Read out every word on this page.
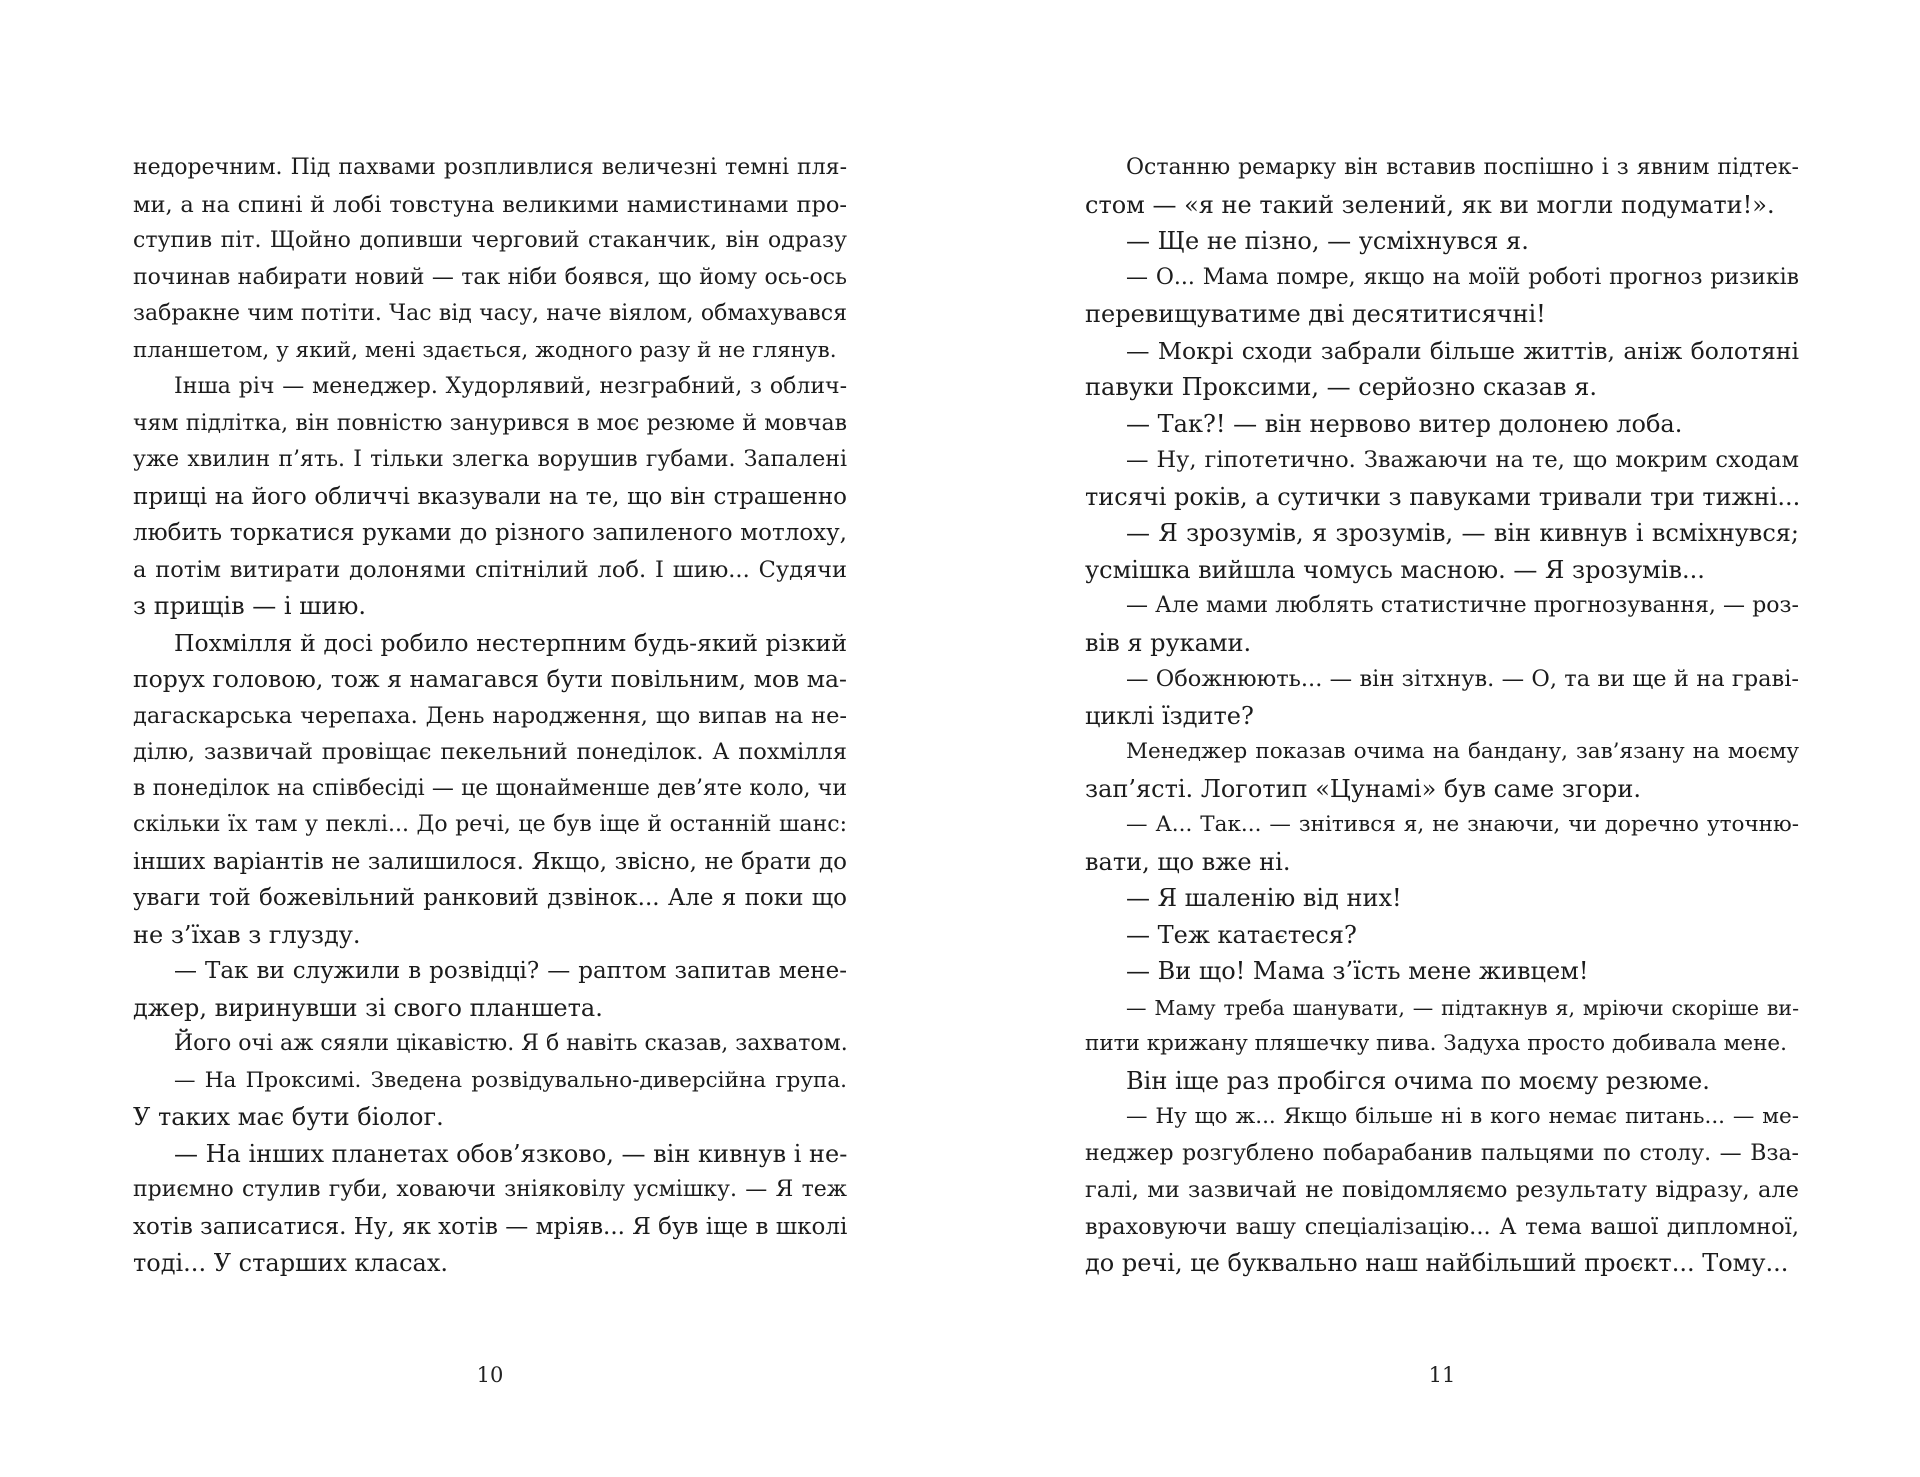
недоречним. Під пахвами розпливлися величезні темні пля-
ми, а на спині й лобі товстуна великими намистинами про-
ступив піт. Щойно допивши черговий стаканчик, він одразу
починав набирати новий — так ніби боявся, що йому ось-ось
забракне чим потіти. Час від часу, наче віялом, обмахувався
планшетом, у який, мені здається, жодного разу й не глянув.
Інша річ — менеджер. Худорлявий, незграбний, з облич-
чям підлітка, він повністю занурився в моє резюме й мовчав
уже хвилин п’ять. І тільки злегка ворушив губами. Запалені
прищі на його обличчі вказували на те, що він страшенно
любить торкатися руками до різного запиленого мотлоху,
а потім витирати долонями спітнілий лоб. І шию... Судячи
з прищів — і шию.
Похмілля й досі робило нестерпним будь-який різкий
порух головою, тож я намагався бути повільним, мов ма-
дагаскарська черепаха. День народження, що випав на не-
ділю, зазвичай провіщає пекельний понеділок. А похмілля
в понеділок на співбесіді — це щонайменше дев’яте коло, чи
скільки їх там у пеклі... До речі, це був іще й останній шанс:
інших варіантів не залишилося. Якщо, звісно, не брати до
уваги той божевільний ранковий дзвінок... Але я поки що
не з’їхав з глузду.
— Так ви служили в розвідці? — раптом запитав мене-
джер, виринувши зі свого планшета.
Його очі аж сяяли цікавістю. Я б навіть сказав, захватом.
— На Проксимі. Зведена розвідувально-диверсійна група.
У таких має бути біолог.
— На інших планетах обов’язково, — він кивнув і не-
приємно стулив губи, ховаючи зніяковілу усмішку. — Я теж
хотів записатися. Ну, як хотів — мріяв... Я був іще в школі
тоді... У старших класах.
10
Останню ремарку він вставив поспішно і з явним підтек-
стом — «я не такий зелений, як ви могли подумати!».
— Ще не пізно, — усміхнувся я.
— О... Мама помре, якщо на моїй роботі прогноз ризиків
перевищуватиме дві десятитисячні!
— Мокрі сходи забрали більше життів, аніж болотяні
павуки Проксими, — серйозно сказав я.
— Так?! — він нервово витер долонею лоба.
— Ну, гіпотетично. Зважаючи на те, що мокрим сходам
тисячі років, а сутички з павуками тривали три тижні...
— Я зрозумів, я зрозумів, — він кивнув і всміхнувся;
усмішка вийшла чомусь масною. — Я зрозумів...
— Але мами люблять статистичне прогнозування, — роз-
вів я руками.
— Обожнюють... — він зітхнув. — О, та ви ще й на граві-
циклі їздите?
Менеджер показав очима на бандану, зав’язану на моєму
зап’ясті. Логотип «Цунамі» був саме згори.
— А... Так... — знітився я, не знаючи, чи доречно уточню-
вати, що вже ні.
— Я шаленію від них!
— Теж катаєтеся?
— Ви що! Мама з’їсть мене живцем!
— Маму треба шанувати, — підтакнув я, мріючи скоріше ви-
пити крижану пляшечку пива. Задуха просто добивала мене.
Він іще раз пробігся очима по моєму резюме.
— Ну що ж... Якщо більше ні в кого немає питань... — ме-
неджер розгублено побарабанив пальцями по столу. — Вза-
галі, ми зазвичай не повідомляємо результату відразу, але
враховуючи вашу спеціалізацію... А тема вашої дипломної,
до речі, це буквально наш найбільший проєкт... Тому...
11
